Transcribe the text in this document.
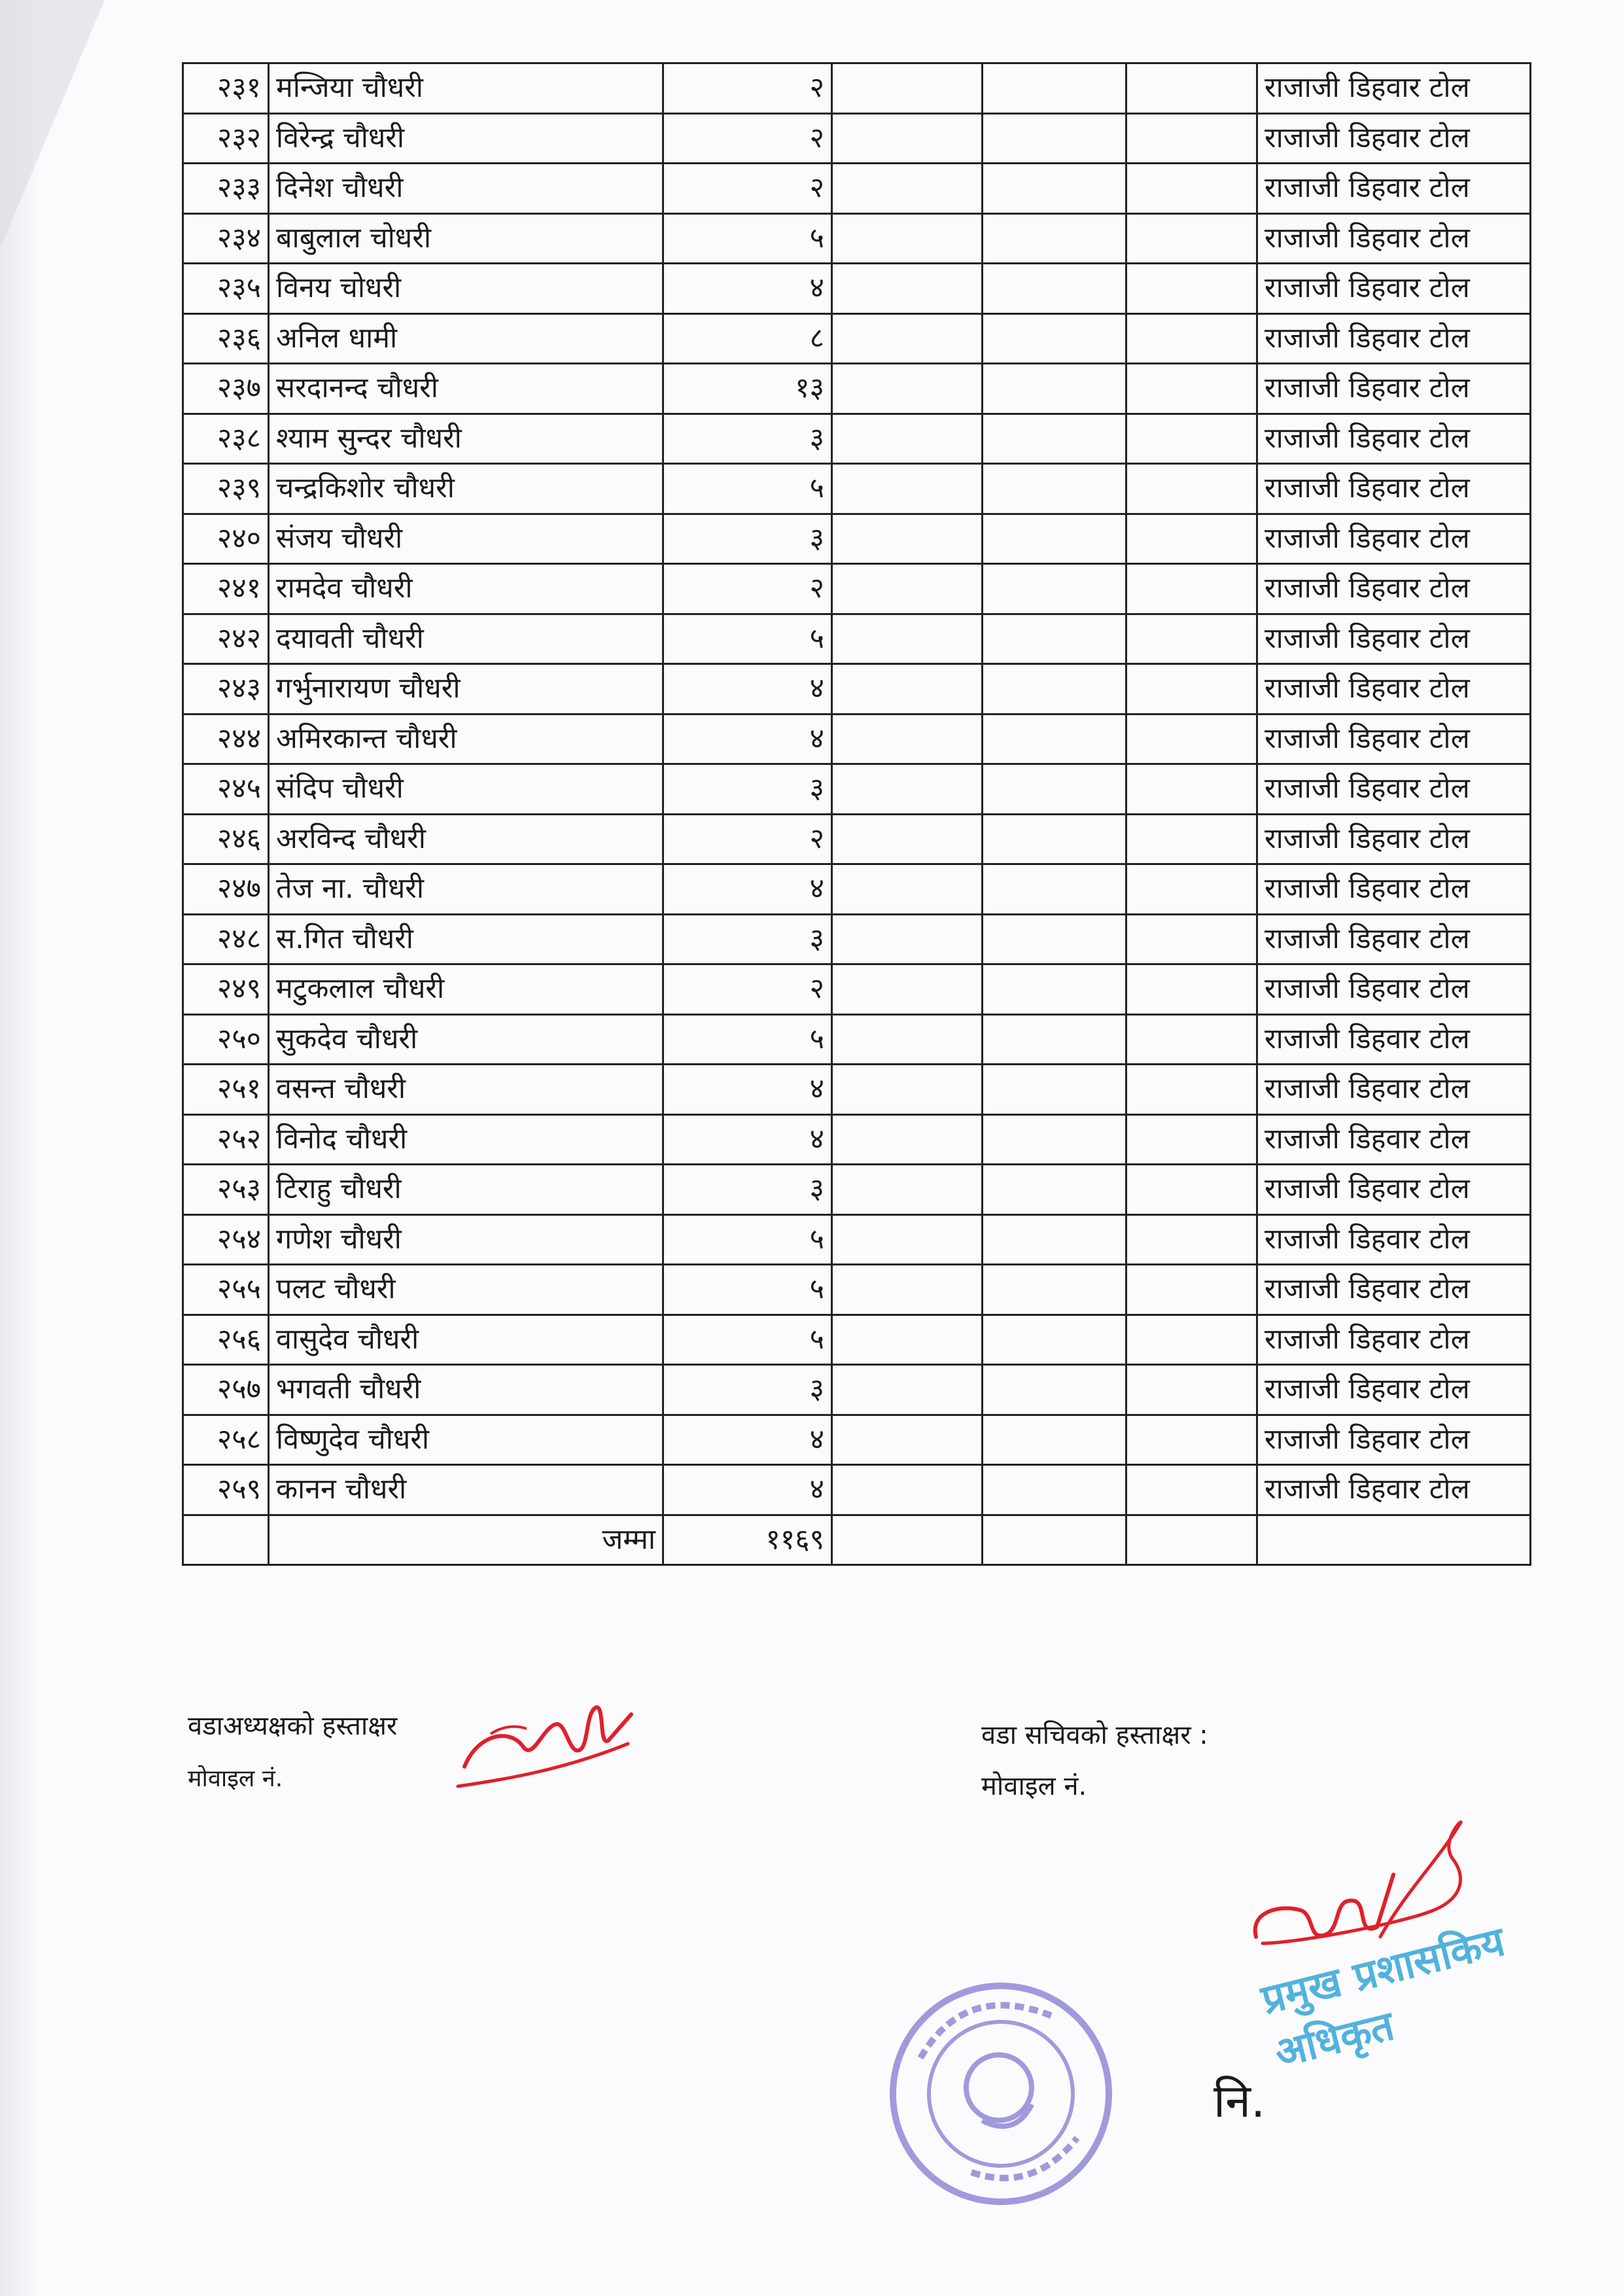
२३१	मन्जिया चौधरी	२				राजाजी डिहवार टोल
२३२	विरेन्द्र चौधरी	२				राजाजी डिहवार टोल
२३३	दिनेश चौधरी	२				राजाजी डिहवार टोल
२३४	बाबुलाल चोधरी	५				राजाजी डिहवार टोल
२३५	विनय चोधरी	४				राजाजी डिहवार टोल
२३६	अनिल धामी	८				राजाजी डिहवार टोल
२३७	सरदानन्द चौधरी	१३				राजाजी डिहवार टोल
२३८	श्याम सुन्दर चौधरी	३				राजाजी डिहवार टोल
२३९	चन्द्रकिशोर चौधरी	५				राजाजी डिहवार टोल
२४०	संजय चौधरी	३				राजाजी डिहवार टोल
२४१	रामदेव चौधरी	२				राजाजी डिहवार टोल
२४२	दयावती चौधरी	५				राजाजी डिहवार टोल
२४३	गर्भुनारायण चौधरी	४				राजाजी डिहवार टोल
२४४	अमिरकान्त चौधरी	४				राजाजी डिहवार टोल
२४५	संदिप चौधरी	३				राजाजी डिहवार टोल
२४६	अरविन्द चौधरी	२				राजाजी डिहवार टोल
२४७	तेज ना. चौधरी	४				राजाजी डिहवार टोल
२४८	स.गित चौधरी	३				राजाजी डिहवार टोल
२४९	मटुकलाल चौधरी	२				राजाजी डिहवार टोल
२५०	सुकदेव चौधरी	५				राजाजी डिहवार टोल
२५१	वसन्त चौधरी	४				राजाजी डिहवार टोल
२५२	विनोद चौधरी	४				राजाजी डिहवार टोल
२५३	टिराहु चौधरी	३				राजाजी डिहवार टोल
२५४	गणेश चौधरी	५				राजाजी डिहवार टोल
२५५	पलट चौधरी	५				राजाजी डिहवार टोल
२५६	वासुदेव चौधरी	५				राजाजी डिहवार टोल
२५७	भगवती चौधरी	३				राजाजी डिहवार टोल
२५८	विष्णुदेव चौधरी	४				राजाजी डिहवार टोल
२५९	कानन चौधरी	४				राजाजी डिहवार टोल
	जम्मा	११६९				
वडाअध्यक्षको हस्ताक्षर
मोवाइल नं.
वडा सचिवको हस्ताक्षर :
मोवाइल नं.
नि.
प्रमुख प्रशासकिय अधिकृत
